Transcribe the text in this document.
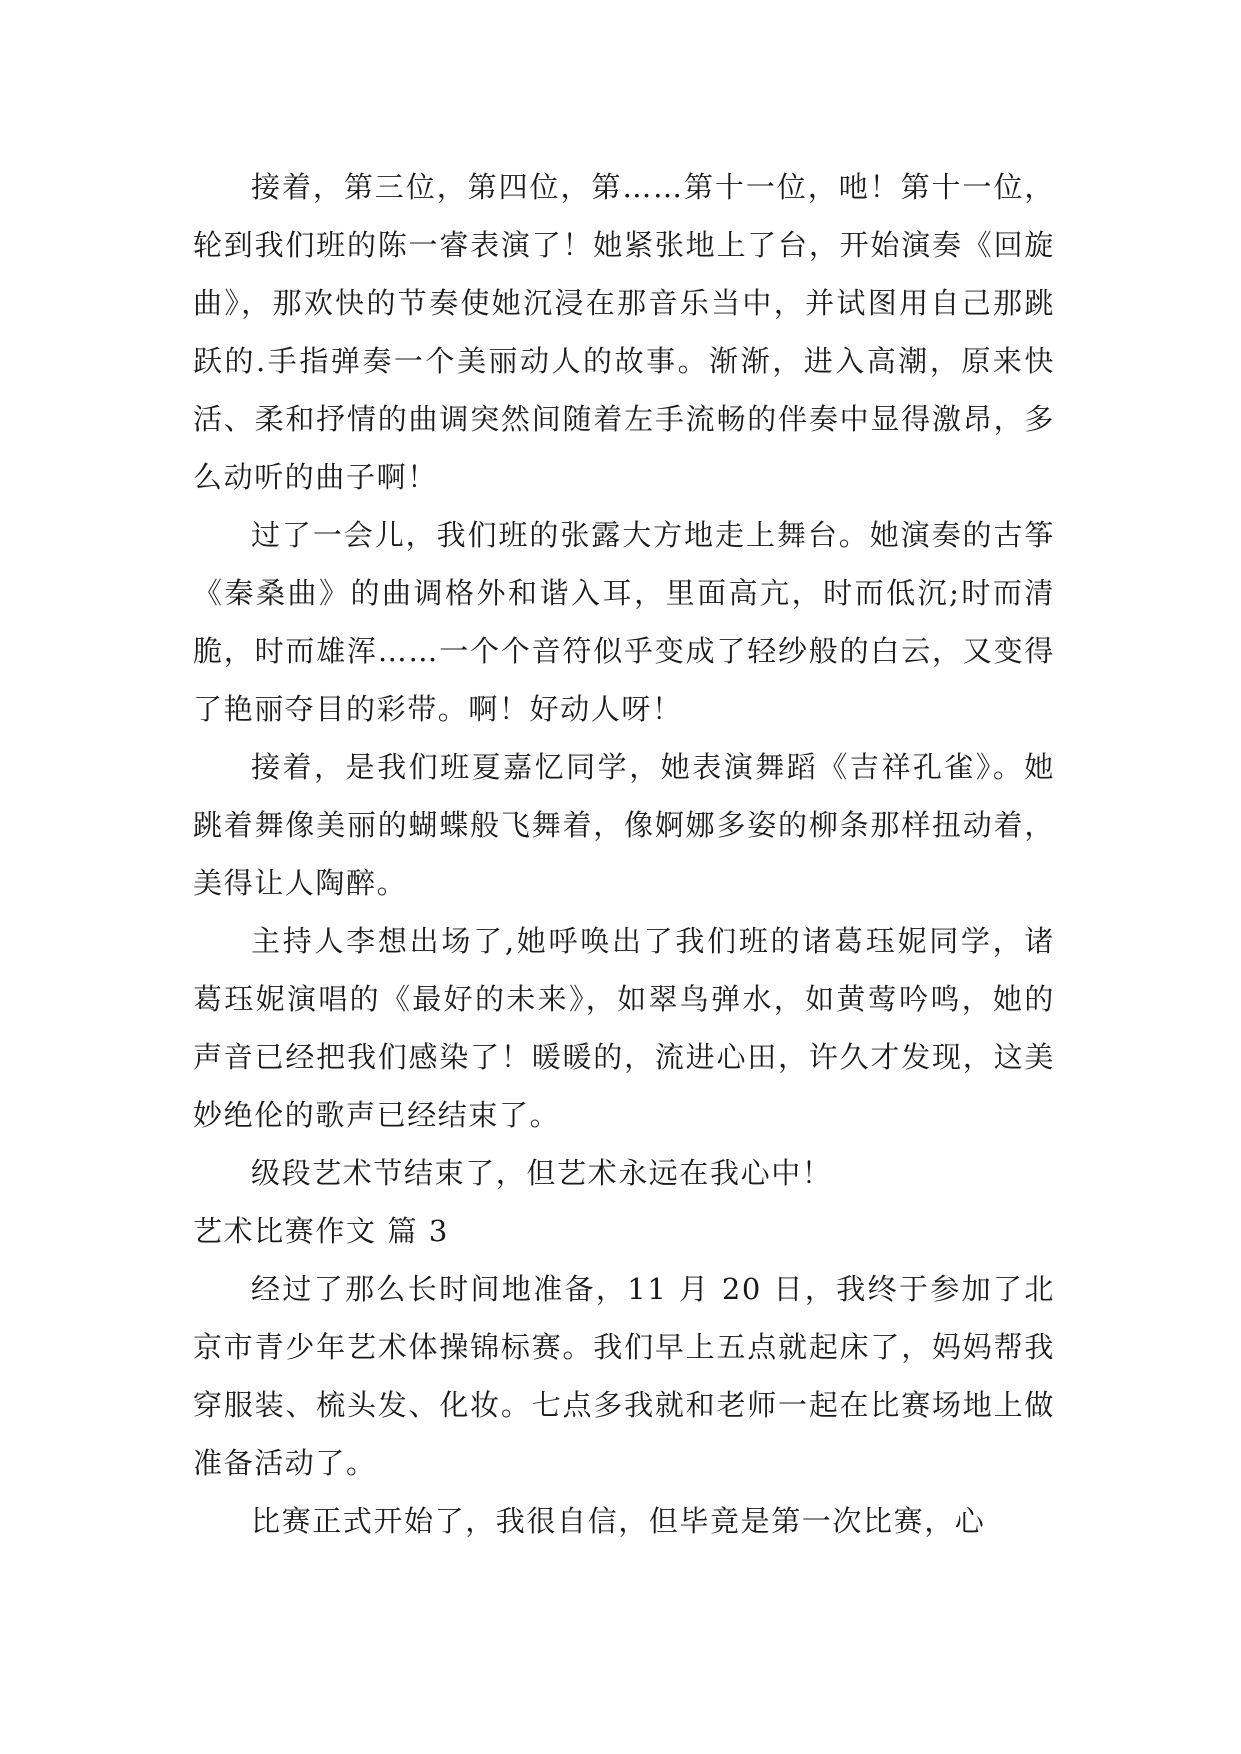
接着，第三位，第四位，第……第十一位，吔！第十一位，轮到我们班的陈一睿表演了！她紧张地上了台，开始演奏《回旋曲》，那欢快的节奏使她沉浸在那音乐当中，并试图用自己那跳跃的.手指弹奏一个美丽动人的故事。渐渐，进入高潮，原来快活、柔和抒情的曲调突然间随着左手流畅的伴奏中显得激昂，多么动听的曲子啊！

过了一会儿，我们班的张露大方地走上舞台。她演奏的古筝《秦桑曲》的曲调格外和谐入耳，里面高亢，时而低沉;时而清脆，时而雄浑……一个个音符似乎变成了轻纱般的白云，又变得了艳丽夺目的彩带。啊！好动人呀！

接着，是我们班夏嘉忆同学，她表演舞蹈《吉祥孔雀》。她跳着舞像美丽的蝴蝶般飞舞着，像婀娜多姿的柳条那样扭动着，美得让人陶醉。

主持人李想出场了,她呼唤出了我们班的诸葛珏妮同学，诸葛珏妮演唱的《最好的未来》，如翠鸟弹水，如黄莺吟鸣，她的声音已经把我们感染了！暖暖的，流进心田，许久才发现，这美妙绝伦的歌声已经结束了。

级段艺术节结束了，但艺术永远在我心中！

艺术比赛作文 篇 3

经过了那么长时间地准备，11 月 20 日，我终于参加了北京市青少年艺术体操锦标赛。我们早上五点就起床了，妈妈帮我穿服装、梳头发、化妆。七点多我就和老师一起在比赛场地上做准备活动了。

比赛正式开始了，我很自信，但毕竟是第一次比赛，心
